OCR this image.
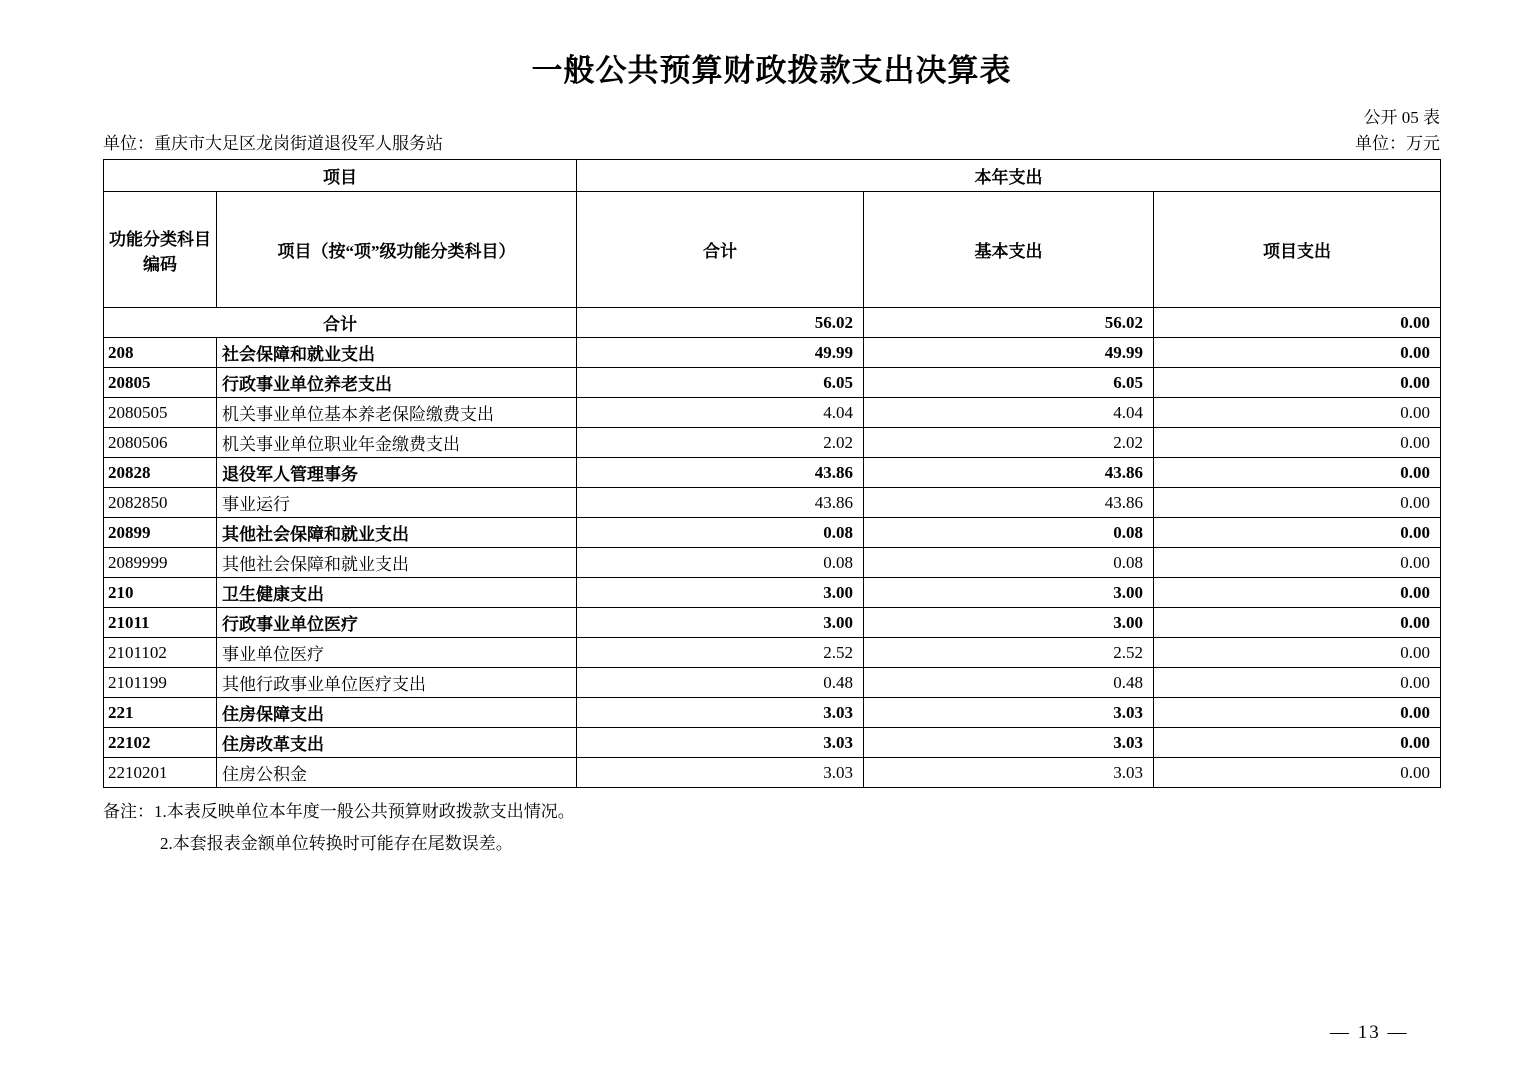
一般公共预算财政拨款支出决算表
公开 05 表
单位：重庆市大足区龙岗街道退役军人服务站	单位：万元
项目		本年支出		

功能分类科目
编码	项目（按“项”级功能分类科目）	合计	基本支出	项目支出
合计		56.02	56.02	0.00
208	社会保障和就业支出	49.99	49.99	0.00
20805	行政事业单位养老支出	6.05	6.05	0.00
2080505	机关事业单位基本养老保险缴费支出	4.04	4.04	0.00
2080506	机关事业单位职业年金缴费支出	2.02	2.02	0.00
20828	退役军人管理事务	43.86	43.86	0.00
2082850	事业运行	43.86	43.86	0.00
20899	其他社会保障和就业支出	0.08	0.08	0.00
2089999	其他社会保障和就业支出	0.08	0.08	0.00
210	卫生健康支出	3.00	3.00	0.00
21011	行政事业单位医疗	3.00	3.00	0.00
2101102	事业单位医疗	2.52	2.52	0.00
2101199	其他行政事业单位医疗支出	0.48	0.48	0.00
221	住房保障支出	3.03	3.03	0.00
22102	住房改革支出	3.03	3.03	0.00
2210201	住房公积金	3.03	3.03	0.00
备注：1.本表反映单位本年度一般公共预算财政拨款支出情况。
2.本套报表金额单位转换时可能存在尾数误差。
— 13 —
